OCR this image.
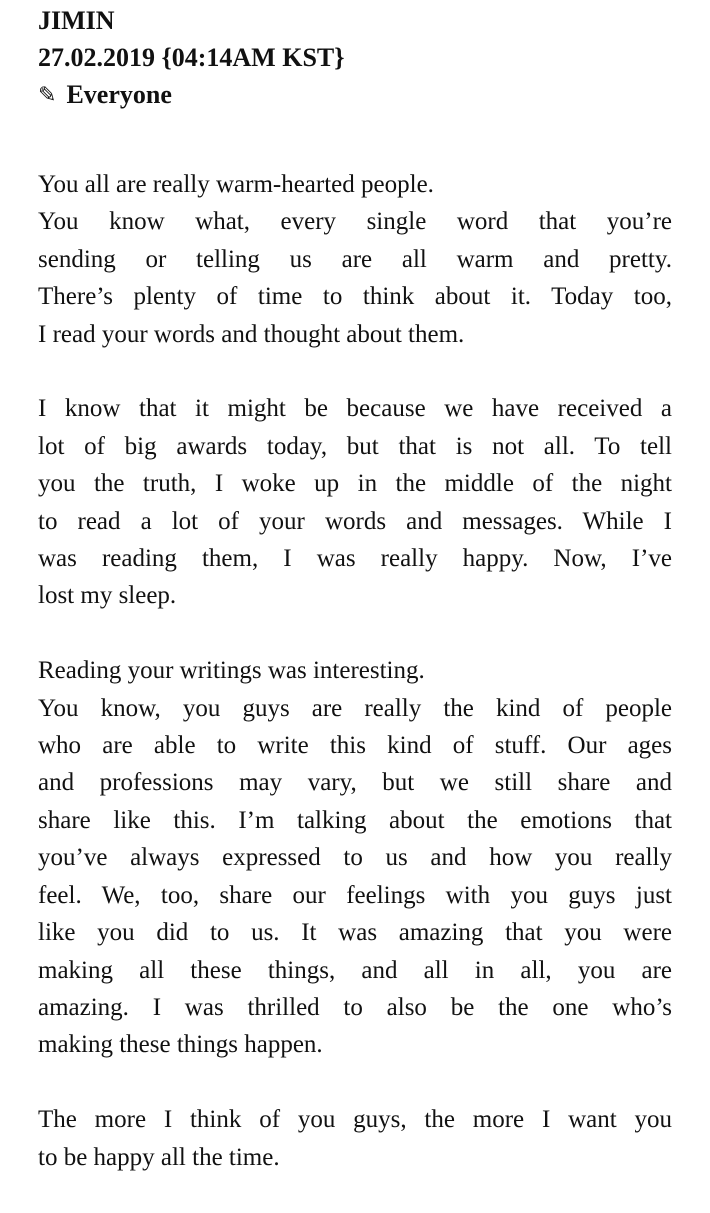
JIMIN
27.02.2019 {04:14AM KST}
✎ Everyone
You all are really warm-hearted people.
You know what, every single word that you’re
sending or telling us are all warm and pretty.
There’s plenty of time to think about it. Today too,
I read your words and thought about them.
I know that it might be because we have received a
lot of big awards today, but that is not all. To tell
you the truth, I woke up in the middle of the night
to read a lot of your words and messages. While I
was reading them, I was really happy. Now, I’ve
lost my sleep.
Reading your writings was interesting.
You know, you guys are really the kind of people
who are able to write this kind of stuff. Our ages
and professions may vary, but we still share and
share like this. I’m talking about the emotions that
you’ve always expressed to us and how you really
feel. We, too, share our feelings with you guys just
like you did to us. It was amazing that you were
making all these things, and all in all, you are
amazing. I was thrilled to also be the one who’s
making these things happen.
The more I think of you guys, the more I want you
to be happy all the time.
